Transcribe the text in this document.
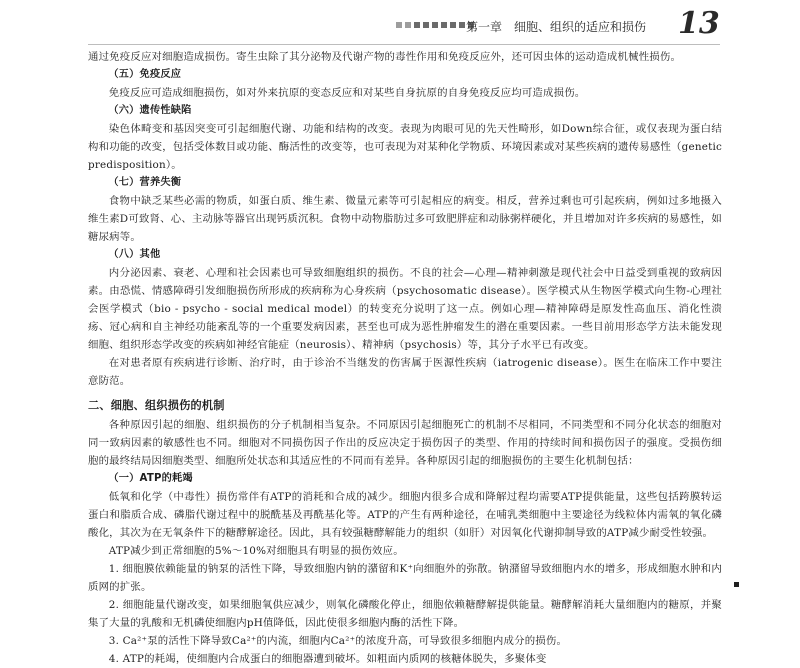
第一章　细胞、组织的适应和损伤 13

通过免疫反应对细胞造成损伤。寄生虫除了其分泌物及代谢产物的毒性作用和免疫反应外，还可因虫体的运动造成机械性损伤。

（五）免疫反应

免疫反应可造成细胞损伤，如对外来抗原的变态反应和对某些自身抗原的自身免疫反应均可造成损伤。

（六）遗传性缺陷

染色体畸变和基因突变可引起细胞代谢、功能和结构的改变。表现为肉眼可见的先天性畸形，如Down综合征，或仅表现为蛋白结构和功能的改变，包括受体数目或功能、酶活性的改变等，也可表现为对某种化学物质、环境因素或对某些疾病的遗传易感性（genetic predisposition）。

（七）营养失衡

食物中缺乏某些必需的物质，如蛋白质、维生素、微量元素等可引起相应的病变。相反，营养过剩也可引起疾病，例如过多地摄入维生素D可致肾、心、主动脉等器官出现钙质沉积。食物中动物脂肪过多可致肥胖症和动脉粥样硬化，并且增加对许多疾病的易感性，如糖尿病等。

（八）其他

内分泌因素、衰老、心理和社会因素也可导致细胞组织的损伤。不良的社会—心理—精神刺激是现代社会中日益受到重视的致病因素。由恐慌、情感障碍引发细胞损伤所形成的疾病称为心身疾病（psychosomatic disease）。医学模式从生物医学模式向生物-心理社会医学模式（bio - psycho - social medical model）的转变充分说明了这一点。例如心理—精神障碍是原发性高血压、消化性溃疡、冠心病和自主神经功能紊乱等的一个重要发病因素，甚至也可成为恶性肿瘤发生的潜在重要因素。一些目前用形态学方法未能发现细胞、组织形态学改变的疾病如神经官能症（neurosis）、精神病（psychosis）等，其分子水平已有改变。

在对患者原有疾病进行诊断、治疗时，由于诊治不当继发的伤害属于医源性疾病（iatrogenic disease）。医生在临床工作中要注意防范。

二、细胞、组织损伤的机制

各种原因引起的细胞、组织损伤的分子机制相当复杂。不同原因引起细胞死亡的机制不尽相同，不同类型和不同分化状态的细胞对同一致病因素的敏感性也不同。细胞对不同损伤因子作出的反应决定于损伤因子的类型、作用的持续时间和损伤因子的强度。受损伤细胞的最终结局因细胞类型、细胞所处状态和其适应性的不同而有差异。各种原因引起的细胞损伤的主要生化机制包括：

（一）ATP的耗竭

低氧和化学（中毒性）损伤常伴有ATP的消耗和合成的减少。细胞内很多合成和降解过程均需要ATP提供能量，这些包括跨膜转运蛋白和脂质合成、磷脂代谢过程中的脱酰基及再酰基化等。ATP的产生有两种途径，在哺乳类细胞中主要途径为线粒体内需氧的氧化磷酸化，其次为在无氧条件下的糖酵解途径。因此，具有较强糖酵解能力的组织（如肝）对因氧化代谢抑制导致的ATP减少耐受性较强。

ATP减少到正常细胞的5%～10%对细胞具有明显的损伤效应。

1. 细胞膜依赖能量的钠泵的活性下降，导致细胞内钠的潴留和K⁺向细胞外的弥散。钠潴留导致细胞内水的增多，形成细胞水肿和内质网的扩张。

2. 细胞能量代谢改变，如果细胞氧供应减少，则氧化磷酸化停止，细胞依赖糖酵解提供能量。糖酵解消耗大量细胞内的糖原，并聚集了大量的乳酸和无机磷使细胞内pH值降低，因此使很多细胞内酶的活性下降。

3. Ca²⁺泵的活性下降导致Ca²⁺的内流，细胞内Ca²⁺的浓度升高，可导致很多细胞内成分的损伤。

4. ATP的耗竭，使细胞内合成蛋白的细胞器遭到破坏。如粗面内质网的核糖体脱失，多聚体变
